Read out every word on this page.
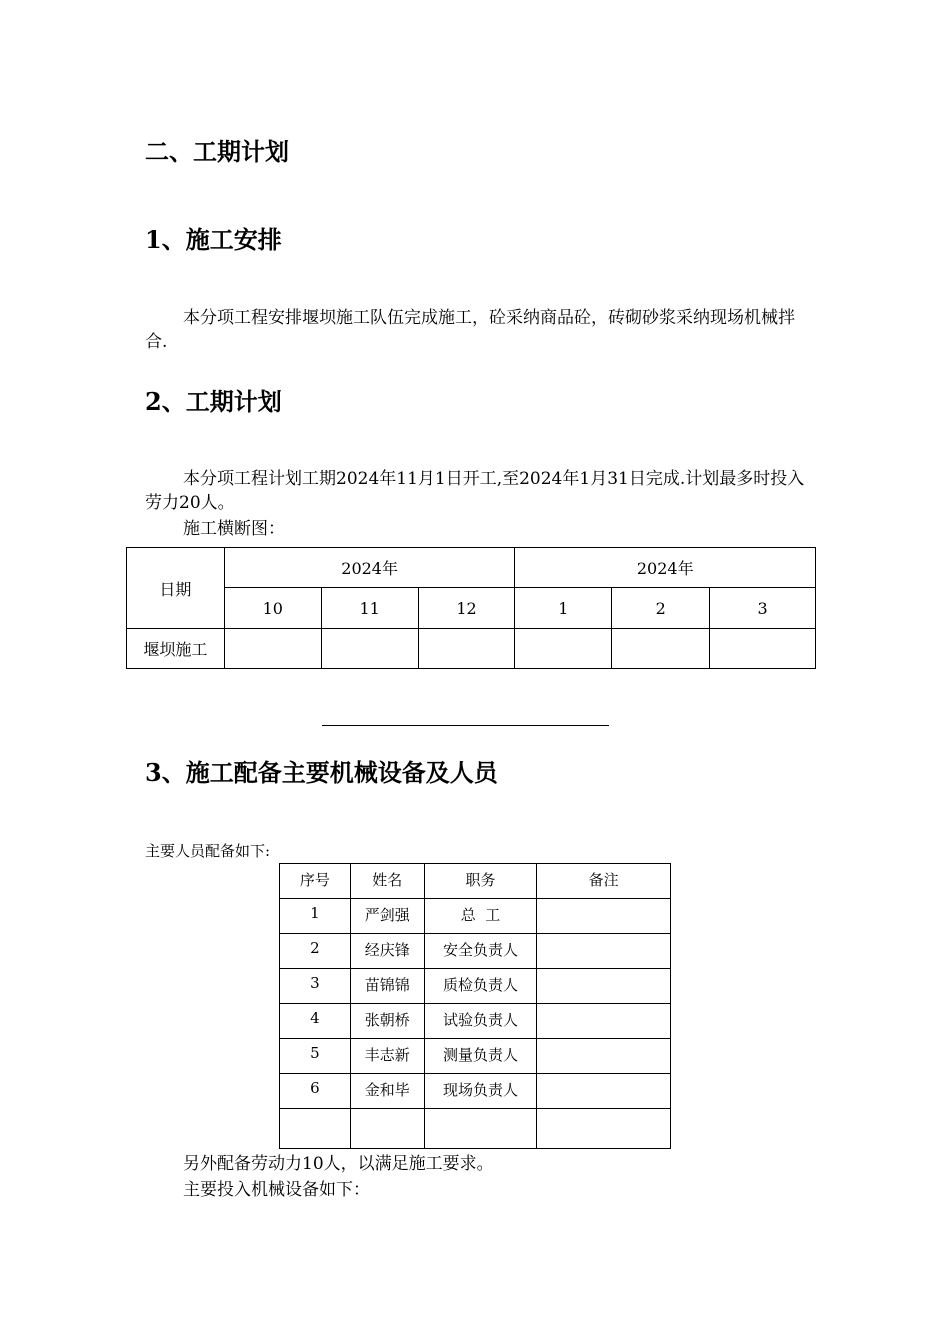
二、工期计划
1、施工安排
本分项工程安排堰坝施工队伍完成施工，砼采纳商品砼，砖砌砂浆采纳现场机械拌合.
2、工期计划
本分项工程计划工期2024年11月1日开工,至2024年1月31日完成.计划最多时投入劳力20人。
施工横断图：
日期	2024年			2024年		
	10	11	12	1	2	3
堰坝施工						
3、施工配备主要机械设备及人员
主要人员配备如下:
序号	姓名	职务	备注
1	严剑强	总  工	
2	经庆锋	安全负责人	
3	苗锦锦	质检负责人	
4	张朝桥	试验负责人	
5	丰志新	测量负责人	
6	金和毕	现场负责人	

另外配备劳动力10人，以满足施工要求。
主要投入机械设备如下：
